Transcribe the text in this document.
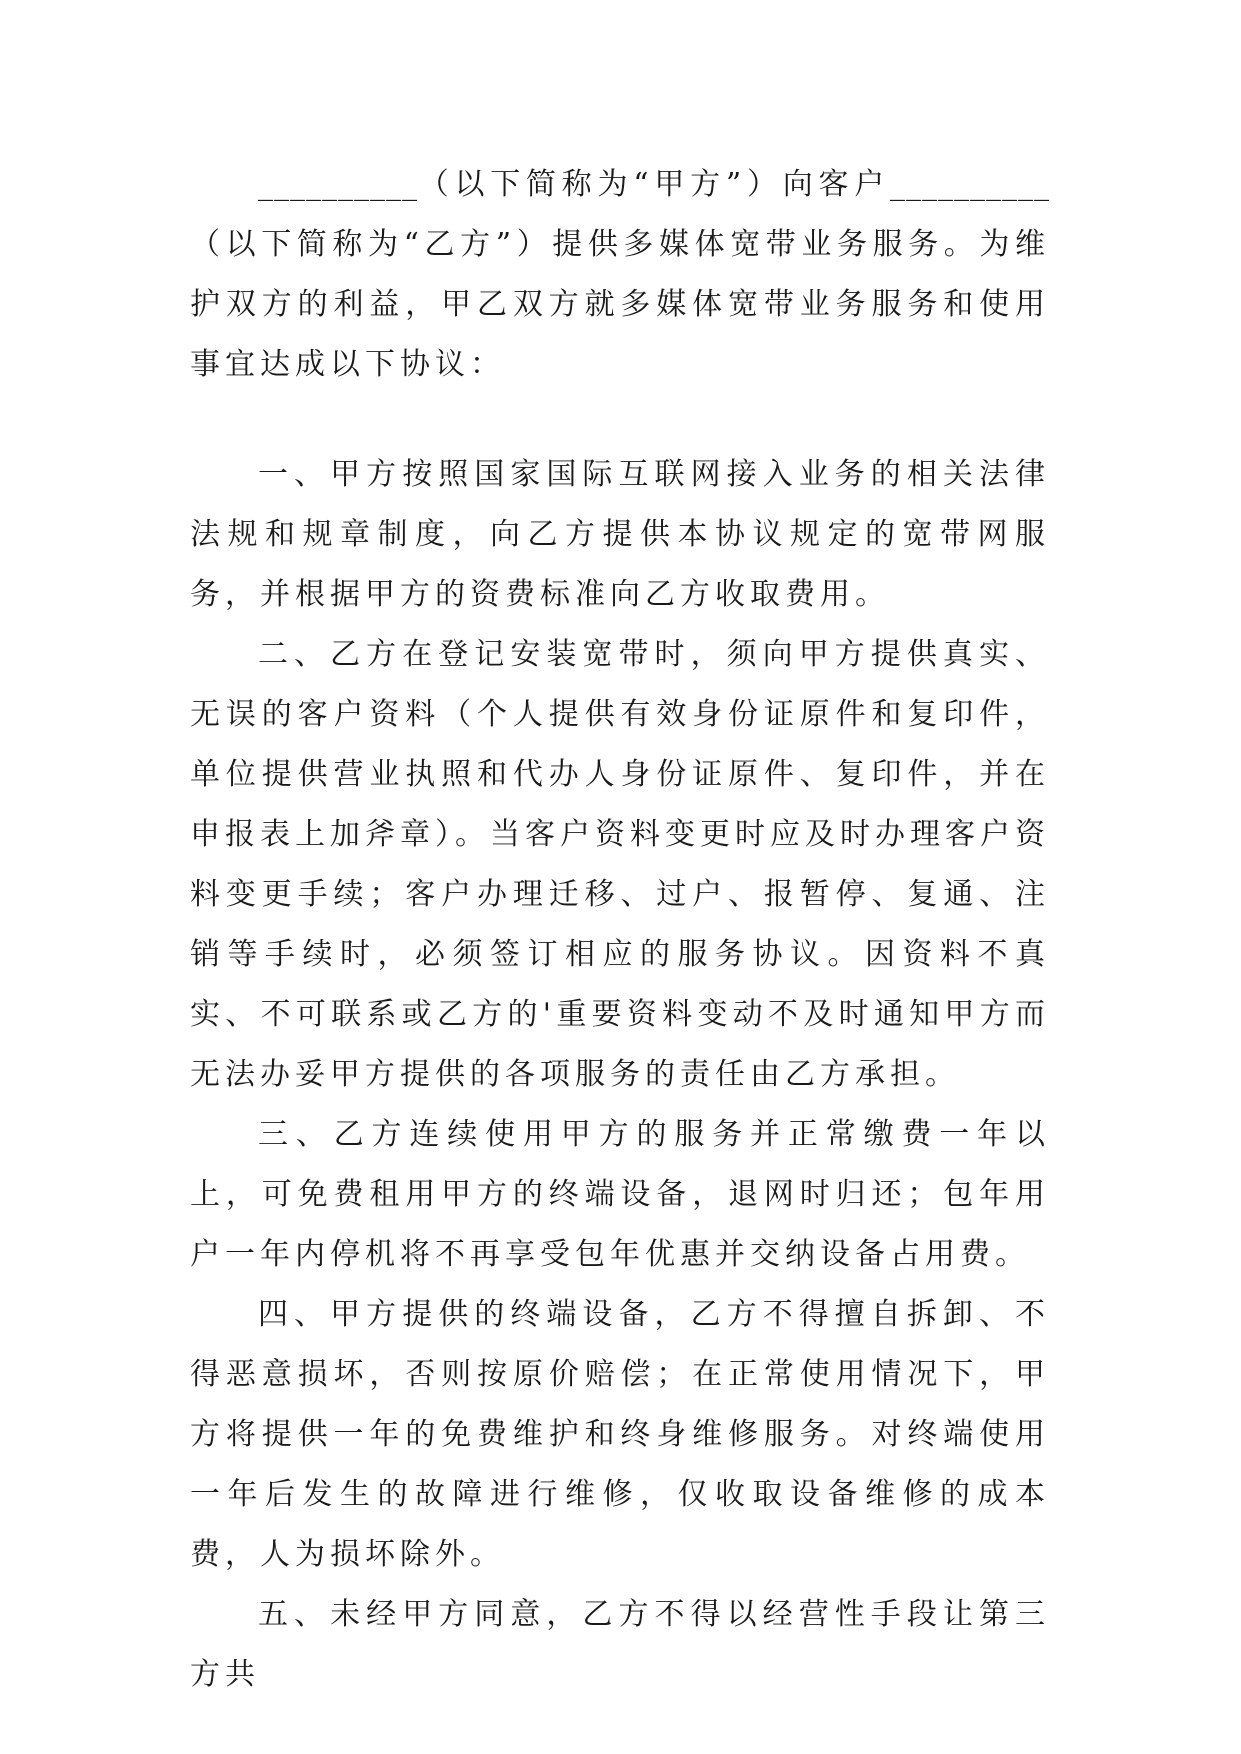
__________（以下简称为“甲方”）向客户__________（以下简称为“乙方”）提供多媒体宽带业务服务。为维护双方的利益，甲乙双方就多媒体宽带业务服务和使用事宜达成以下协议：

一、甲方按照国家国际互联网接入业务的相关法律法规和规章制度，向乙方提供本协议规定的宽带网服务，并根据甲方的资费标准向乙方收取费用。

二、乙方在登记安装宽带时，须向甲方提供真实、无误的客户资料（个人提供有效身份证原件和复印件，单位提供营业执照和代办人身份证原件、复印件，并在申报表上加斧章）。当客户资料变更时应及时办理客户资料变更手续；客户办理迁移、过户、报暂停、复通、注销等手续时，必须签订相应的服务协议。因资料不真实、不可联系或乙方的'重要资料变动不及时通知甲方而无法办妥甲方提供的各项服务的责任由乙方承担。

三、乙方连续使用甲方的服务并正常缴费一年以上，可免费租用甲方的终端设备，退网时归还；包年用户一年内停机将不再享受包年优惠并交纳设备占用费。

四、甲方提供的终端设备，乙方不得擅自拆卸、不得恶意损坏，否则按原价赔偿；在正常使用情况下，甲方将提供一年的免费维护和终身维修服务。对终端使用一年后发生的故障进行维修，仅收取设备维修的成本费，人为损坏除外。

五、未经甲方同意，乙方不得以经营性手段让第三方共
